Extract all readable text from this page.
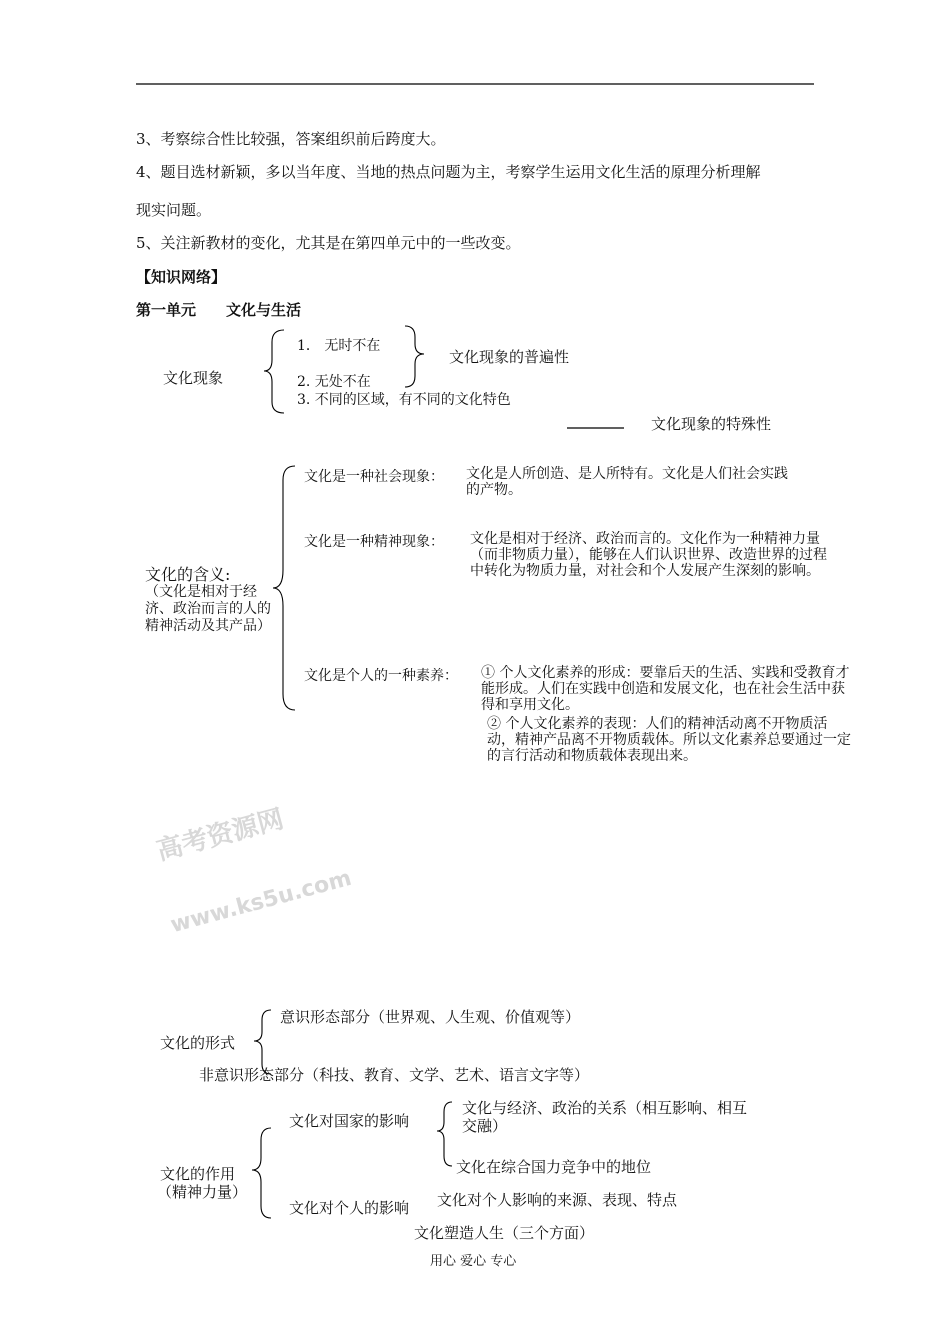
3、考察综合性比较强，答案组织前后跨度大。
4、题目选材新颖，多以当年度、当地的热点问题为主，考察学生运用文化生活的原理分析理解
现实问题。
5、关注新教材的变化，尤其是在第四单元中的一些改变。
【知识网络】
第一单元　　文化与生活
文化现象
1． 无时不在
2. 无处不在
3. 不同的区域，有不同的文化特色
文化现象的普遍性
文化现象的特殊性
文化的含义:
（文化是相对于经济、政治而言的人的精神活动及其产品）
文化是一种社会现象： 文化是人所创造、是人所特有。文化是人们社会实践的产物。
文化是一种精神现象： 文化是相对于经济、政治而言的。文化作为一种精神力量（而非物质力量），能够在人们认识世界、改造世界的过程中转化为物质力量，对社会和个人发展产生深刻的影响。
文化是个人的一种素养： ① 个人文化素养的形成：要靠后天的生活、实践和受教育才能形成。人们在实践中创造和发展文化，也在社会生活中获得和享用文化。
② 个人文化素养的表现：人们的精神活动离不开物质活动，精神产品离不开物质载体。所以文化素养总要通过一定的言行活动和物质载体表现出来。
高考资源网
www.ks5u.com
文化的形式
意识形态部分（世界观、人生观、价值观等）
非意识形态部分（科技、教育、文学、艺术、语言文字等）
文化的作用
（精神力量）
文化对国家的影响
文化与经济、政治的关系（相互影响、相互交融）
文化在综合国力竞争中的地位
文化对个人的影响 文化对个人影响的来源、表现、特点
文化塑造人生（三个方面）
用心 爱心 专心
